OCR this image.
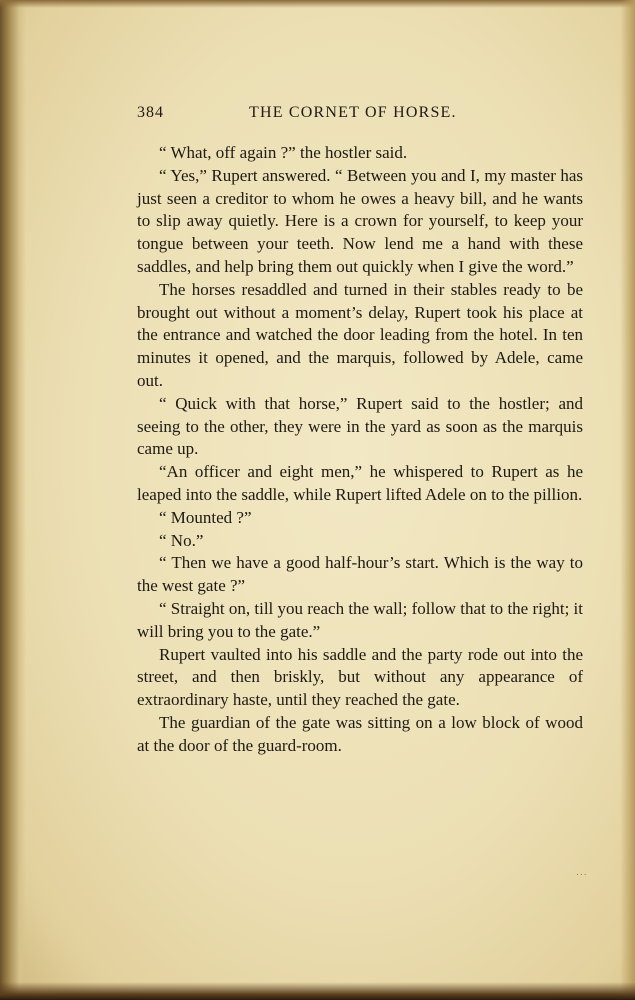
384	THE CORNET OF HORSE.

“ What, off again ?” the hostler said.

“ Yes,” Rupert answered. “ Between you and I, my master has just seen a creditor to whom he owes a heavy bill, and he wants to slip away quietly. Here is a crown for yourself, to keep your tongue between your teeth. Now lend me a hand with these saddles, and help bring them out quickly when I give the word.”

The horses resaddled and turned in their stables ready to be brought out without a moment’s delay, Rupert took his place at the entrance and watched the door leading from the hotel. In ten minutes it opened, and the marquis, followed by Adele, came out.

“ Quick with that horse,” Rupert said to the hostler; and seeing to the other, they were in the yard as soon as the marquis came up.

“An officer and eight men,” he whispered to Rupert as he leaped into the saddle, while Rupert lifted Adele on to the pillion.

“ Mounted ?”

“ No.”

“ Then we have a good half-hour’s start. Which is the way to the west gate ?”

“ Straight on, till you reach the wall; follow that to the right; it will bring you to the gate.”

Rupert vaulted into his saddle and the party rode out into the street, and then briskly, but without any appearance of extraordinary haste, until they reached the gate.

The guardian of the gate was sitting on a low block of wood at the door of the guard-room.

...
